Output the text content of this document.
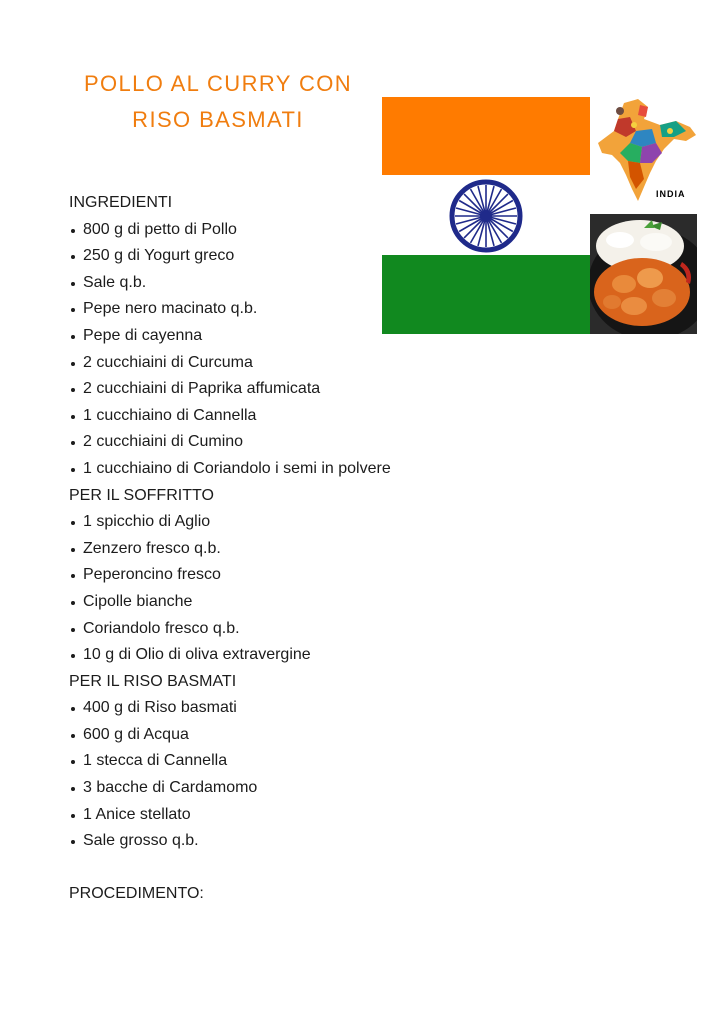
POLLO AL CURRY CON
RISO BASMATI
INDIA
INGREDIENTI
800 g di petto di Pollo
250 g di Yogurt greco
Sale q.b.
Pepe nero macinato q.b.
Pepe di cayenna
2 cucchiaini di Curcuma
2 cucchiaini di Paprika affumicata
1 cucchiaino di Cannella
2 cucchiaini di Cumino
1 cucchiaino di Coriandolo i semi in polvere
PER IL SOFFRITTO
1 spicchio di Aglio
Zenzero fresco q.b.
Peperoncino fresco
Cipolle bianche
Coriandolo fresco q.b.
10 g di Olio di oliva extravergine
PER IL RISO BASMATI
400 g di Riso basmati
600 g di Acqua
1 stecca di Cannella
3 bacche di Cardamomo
1 Anice stellato
Sale grosso q.b.
PROCEDIMENTO:
